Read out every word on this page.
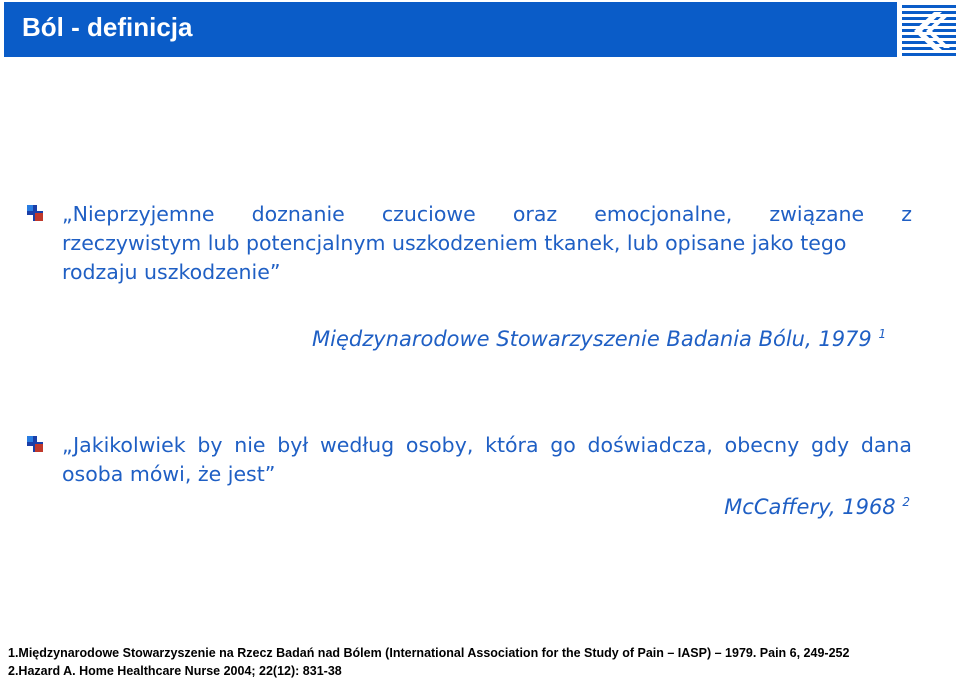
Ból - definicja
„Nieprzyjemne doznanie czuciowe oraz emocjonalne, związane z
rzeczywistym lub potencjalnym uszkodzeniem tkanek, lub opisane jako tego
rodzaju uszkodzenie”
Międzynarodowe Stowarzyszenie Badania Bólu, 1979 $^1$
„Jakikolwiek by nie był według osoby, która go doświadcza, obecny gdy dana
osoba mówi, że jest”
McCaffery, 1968 $^2$
1.Międzynarodowe Stowarzyszenie na Rzecz Badań nad Bólem (International Association for the Study of Pain – IASP) – 1979. Pain 6, 249-252
2.Hazard A. Home Healthcare Nurse 2004; 22(12): 831-38
